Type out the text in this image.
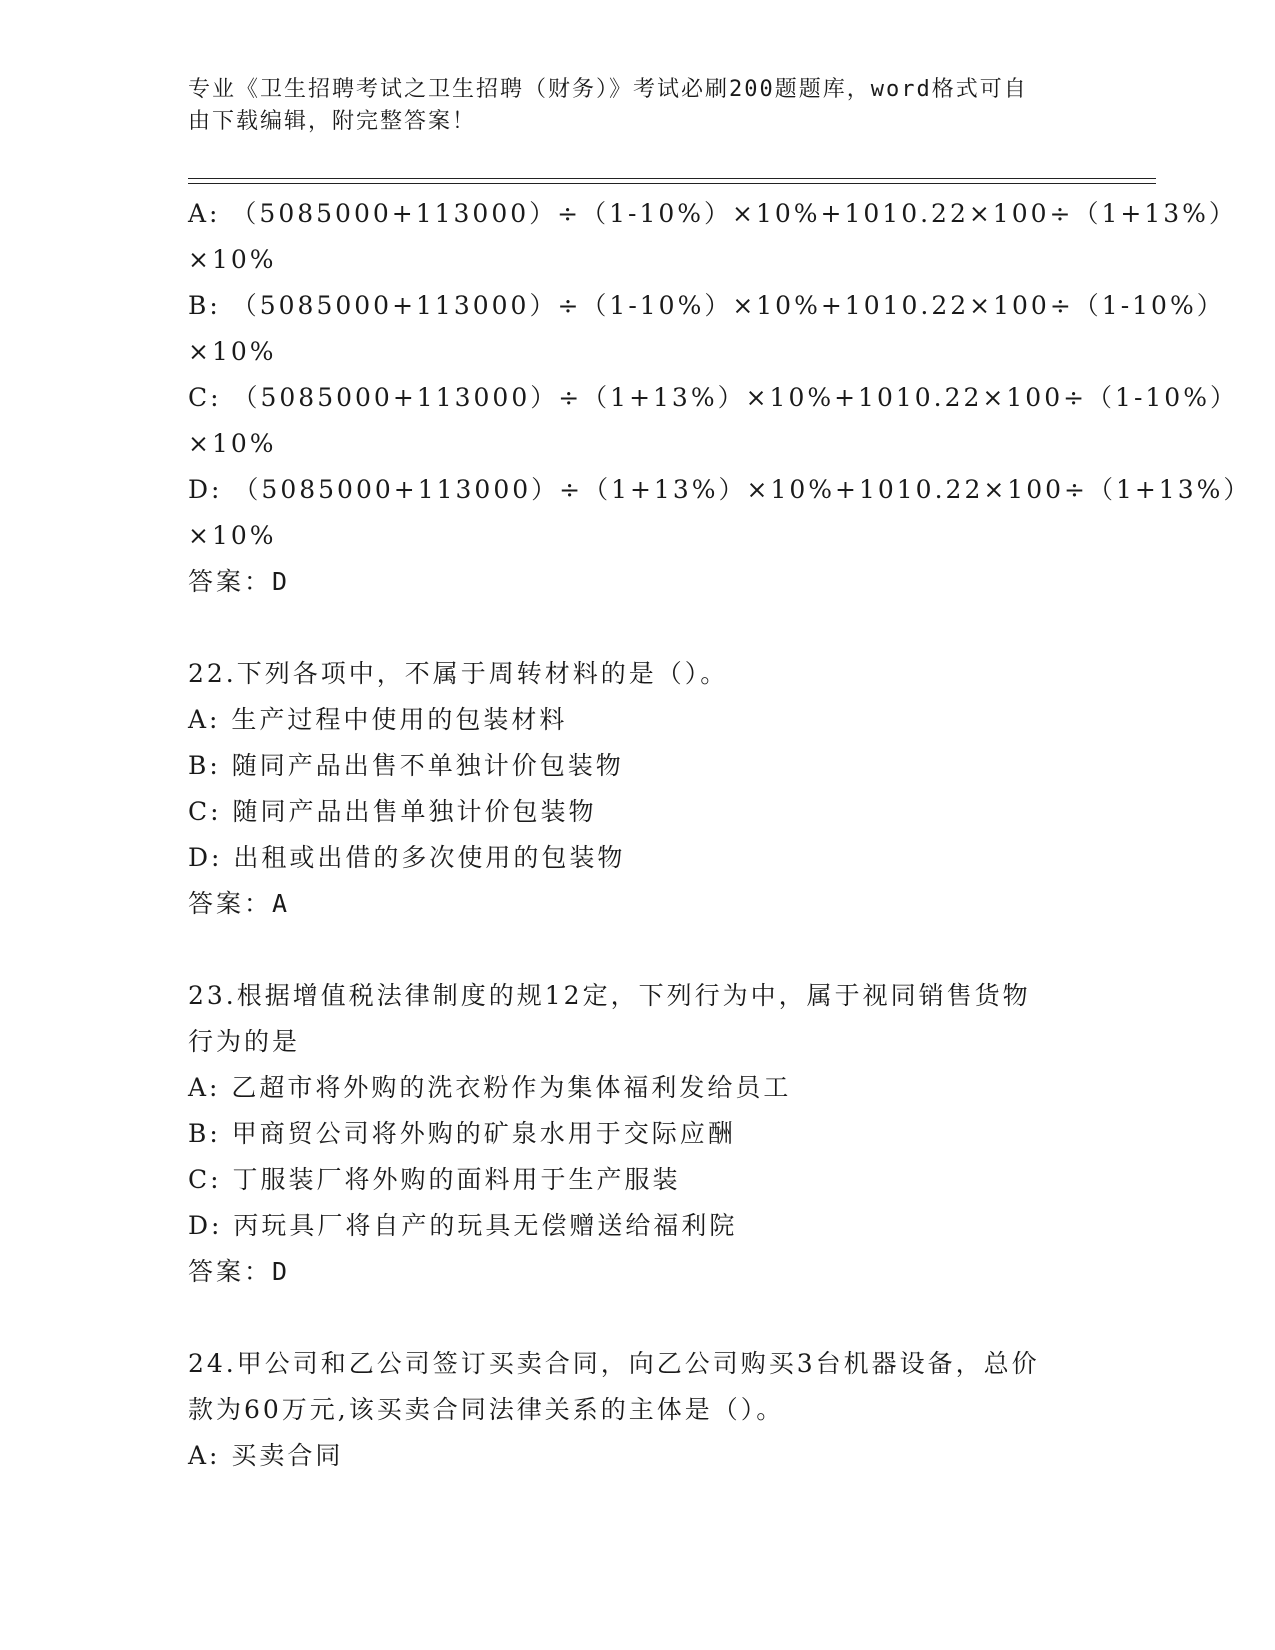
专业《卫生招聘考试之卫生招聘（财务）》考试必刷200题题库，word格式可自
由下载编辑，附完整答案！
A: （5085000+113000）÷（1-10%）×10%+1010.22×100÷（1+13%）
×10%
B: （5085000+113000）÷（1-10%）×10%+1010.22×100÷（1-10%）
×10%
C: （5085000+113000）÷（1+13%）×10%+1010.22×100÷（1-10%）
×10%
D: （5085000+113000）÷（1+13%）×10%+1010.22×100÷（1+13%）
×10%
答案：D
22.下列各项中，不属于周转材料的是（）。
A: 生产过程中使用的包装材料
B: 随同产品出售不单独计价包装物
C: 随同产品出售单独计价包装物
D: 出租或出借的多次使用的包装物
答案：A
23.根据增值税法律制度的规12定，下列行为中，属于视同销售货物
行为的是
A: 乙超市将外购的洗衣粉作为集体福利发给员工
B: 甲商贸公司将外购的矿泉水用于交际应酬
C: 丁服装厂将外购的面料用于生产服装
D: 丙玩具厂将自产的玩具无偿赠送给福利院
答案：D
24.甲公司和乙公司签订买卖合同，向乙公司购买3台机器设备，总价
款为60万元,该买卖合同法律关系的主体是（）。
A: 买卖合同
